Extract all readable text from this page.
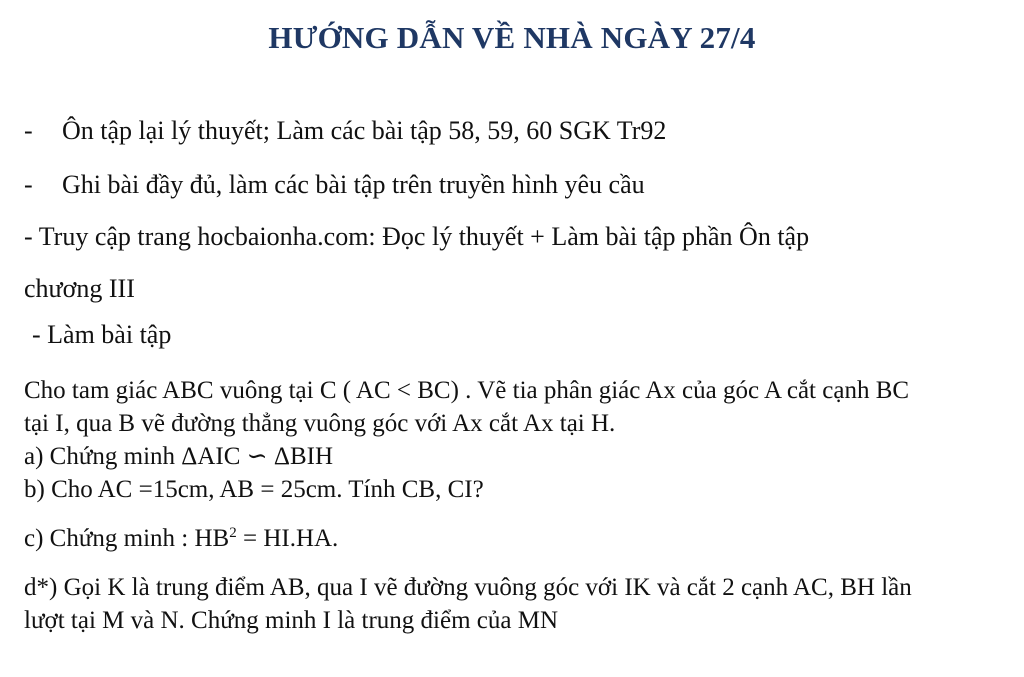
HƯỚNG DẪN VỀ NHÀ NGÀY 27/4
- Ôn tập lại lý thuyết; Làm các bài tập 58, 59, 60 SGK Tr92
- Ghi bài đầy đủ, làm các bài tập trên truyền hình yêu cầu
- Truy cập trang hocbaionha.com: Đọc lý thuyết + Làm bài tập phần Ôn tập
chương III
- Làm bài tập
Cho tam giác ABC vuông tại C ( AC < BC) . Vẽ tia phân giác Ax của góc A cắt cạnh BC
tại I, qua B vẽ đường thẳng vuông góc với Ax cắt Ax tại H.
a) Chứng minh ΔAIC ∽ ΔBIH
b) Cho AC =15cm, AB = 25cm. Tính CB, CI?
c) Chứng minh : $HB^2 = HI.HA$.
d*) Gọi K là trung điểm AB, qua I vẽ đường vuông góc với IK và cắt 2 cạnh AC, BH lần
lượt tại M và N. Chứng minh I là trung điểm của MN
